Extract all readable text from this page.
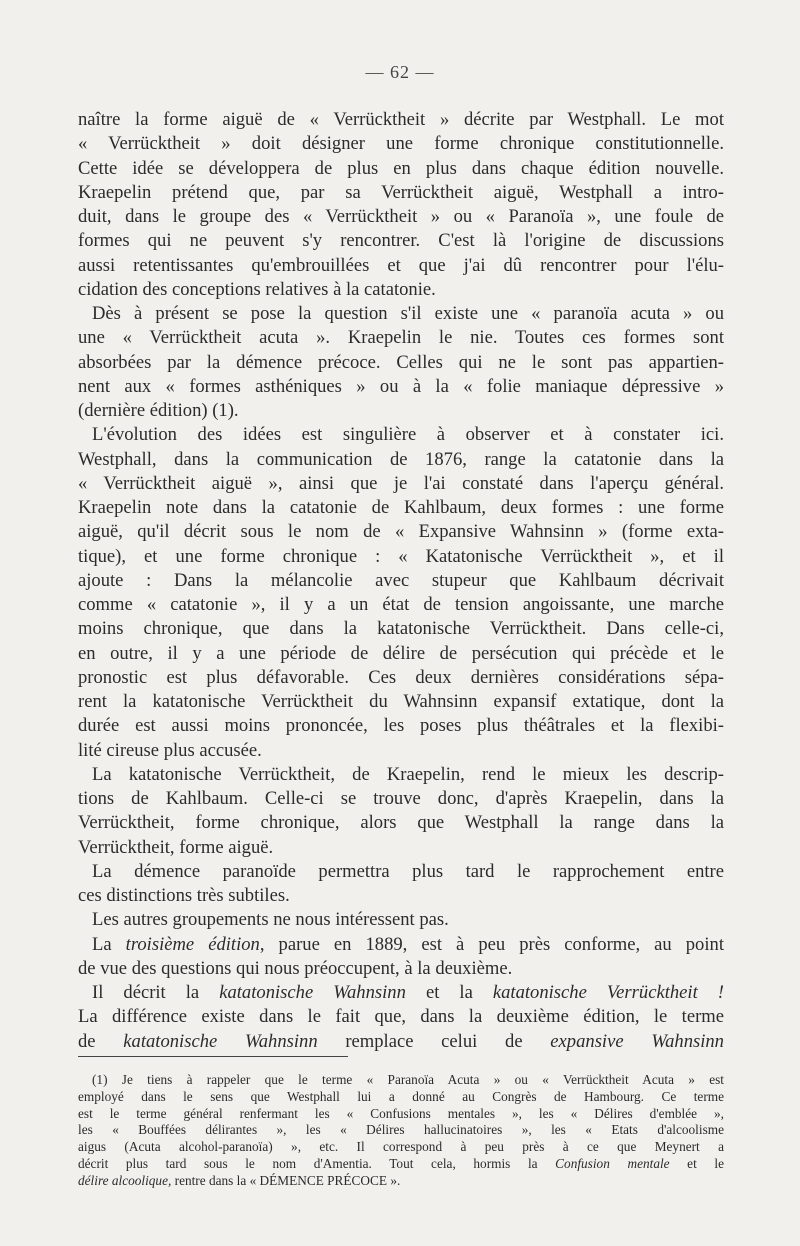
— 62 —
naître la forme aiguë de « Verrücktheit » décrite par Westphall. Le mot
« Verrücktheit » doit désigner une forme chronique constitutionnelle.
Cette idée se développera de plus en plus dans chaque édition nouvelle.
Kraepelin prétend que, par sa Verrücktheit aiguë, Westphall a intro-
duit, dans le groupe des « Verrücktheit » ou « Paranoïa », une foule de
formes qui ne peuvent s'y rencontrer. C'est là l'origine de discussions
aussi retentissantes qu'embrouillées et que j'ai dû rencontrer pour l'élu-
cidation des conceptions relatives à la catatonie.
Dès à présent se pose la question s'il existe une « paranoïa acuta » ou
une « Verrücktheit acuta ». Kraepelin le nie. Toutes ces formes sont
absorbées par la démence précoce. Celles qui ne le sont pas appartien-
nent aux « formes asthéniques » ou à la « folie maniaque dépressive »
(dernière édition) (1).
L'évolution des idées est singulière à observer et à constater ici.
Westphall, dans la communication de 1876, range la catatonie dans la
« Verrücktheit aiguë », ainsi que je l'ai constaté dans l'aperçu général.
Kraepelin note dans la catatonie de Kahlbaum, deux formes : une forme
aiguë, qu'il décrit sous le nom de « Expansive Wahnsinn » (forme exta-
tique), et une forme chronique : « Katatonische Verrücktheit », et il
ajoute : Dans la mélancolie avec stupeur que Kahlbaum décrivait
comme « catatonie », il y a un état de tension angoissante, une marche
moins chronique, que dans la katatonische Verrücktheit. Dans celle-ci,
en outre, il y a une période de délire de persécution qui précède et le
pronostic est plus défavorable. Ces deux dernières considérations sépa-
rent la katatonische Verrücktheit du Wahnsinn expansif extatique, dont la
durée est aussi moins prononcée, les poses plus théâtrales et la flexibi-
lité cireuse plus accusée.
La katatonische Verrücktheit, de Kraepelin, rend le mieux les descrip-
tions de Kahlbaum. Celle-ci se trouve donc, d'après Kraepelin, dans la
Verrücktheit, forme chronique, alors que Westphall la range dans la
Verrücktheit, forme aiguë.
La démence paranoïde permettra plus tard le rapprochement entre
ces distinctions très subtiles.
Les autres groupements ne nous intéressent pas.
La troisième édition, parue en 1889, est à peu près conforme, au point
de vue des questions qui nous préoccupent, à la deuxième.
Il décrit la katatonische Wahnsinn et la katatonische Verrücktheit !
La différence existe dans le fait que, dans la deuxième édition, le terme
de katatonische Wahnsinn remplace celui de expansive Wahnsinn
(1) Je tiens à rappeler que le terme « Paranoïa Acuta » ou « Verrücktheit Acuta » est
employé dans le sens que Westphall lui a donné au Congrès de Hambourg. Ce terme
est le terme général renfermant les « Confusions mentales », les « Délires d'emblée »,
les « Bouffées délirantes », les « Délires hallucinatoires », les « Etats d'alcoolisme
aigus (Acuta alcohol-paranoïa) », etc. Il correspond à peu près à ce que Meynert a
décrit plus tard sous le nom d'Amentia. Tout cela, hormis la Confusion mentale et le
délire alcoolique, rentre dans la « DÉMENCE PRÉCOCE ».
